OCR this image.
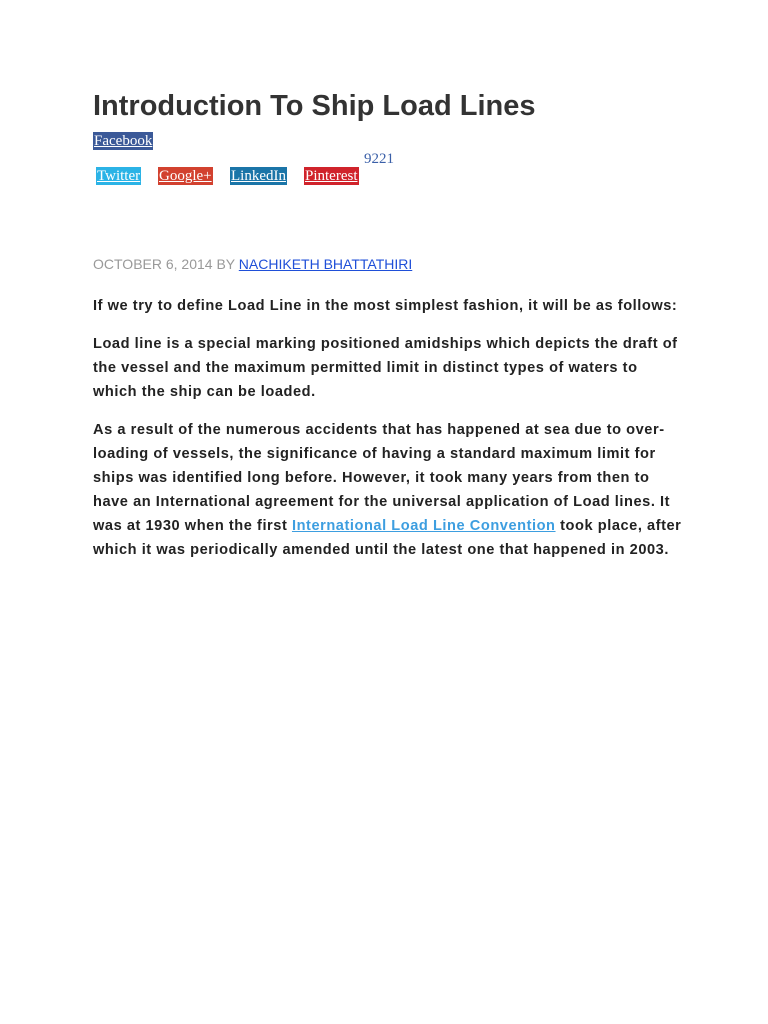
Introduction To Ship Load Lines
Facebook
9221
Twitter Google+ LinkedIn Pinterest
OCTOBER 6, 2014 BY NACHIKETH BHATTATHIRI

If we try to define Load Line in the most simplest fashion, it will be as follows:

Load line is a special marking positioned amidships which depicts the draft of the vessel and the maximum permitted limit in distinct types of waters to which the ship can be loaded.

As a result of the numerous accidents that has happened at sea due to over-loading of vessels, the significance of having a standard maximum limit for ships was identified long before. However, it took many years from then to have an International agreement for the universal application of Load lines. It was at 1930 when the first International Load Line Convention took place, after which it was periodically amended until the latest one that happened in 2003.
